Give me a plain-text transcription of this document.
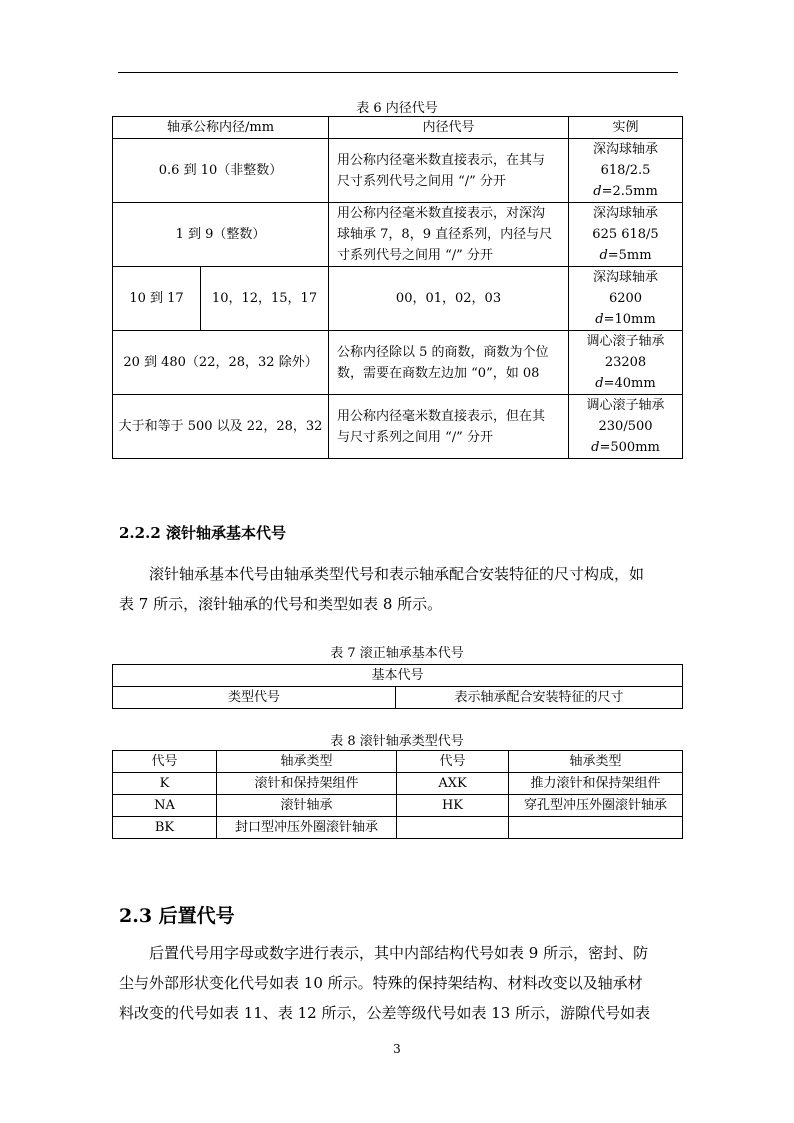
表 6 内径代号
轴承公称内径/mm		内径代号	实例
0.6 到 10（非整数）		用公称内径毫米数直接表示，在其与
尺寸系列代号之间用 “/” 分开	深沟球轴承
618/2.5
d=2.5mm

1 到 9（整数）		用公称内径毫米数直接表示，对深沟
球轴承 7，8，9 直径系列，内径与尺
寸系列代号之间用 “/” 分开	深沟球轴承
625 618/5
d=5mm

10 到 17	10，12，15，17	00，01，02，03	深沟球轴承
6200
d=10mm

20 到 480（22，28，32 除外）		公称内径除以 5 的商数，商数为个位
数，需要在商数左边加 “0”，如 08	调心滚子轴承
23208
d=40mm

大于和等于 500 以及 22，28，32		用公称内径毫米数直接表示，但在其
与尺寸系列之间用 “/” 分开	调心滚子轴承
230/500
d=500mm
2.2.2 滚针轴承基本代号
滚针轴承基本代号由轴承类型代号和表示轴承配合安装特征的尺寸构成，如
表 7 所示，滚针轴承的代号和类型如表 8 所示。
表 7 滚正轴承基本代号
基本代号
类型代号	表示轴承配合安装特征的尺寸
表 8 滚针轴承类型代号
代号	轴承类型	代号	轴承类型
K	滚针和保持架组件	AXK	推力滚针和保持架组件
NA	滚针轴承	HK	穿孔型冲压外圈滚针轴承
BK	封口型冲压外圈滚针轴承		
2.3 后置代号
后置代号用字母或数字进行表示，其中内部结构代号如表 9 所示，密封、防
尘与外部形状变化代号如表 10 所示。特殊的保持架结构、材料改变以及轴承材
料改变的代号如表 11、表 12 所示，公差等级代号如表 13 所示，游隙代号如表
3
